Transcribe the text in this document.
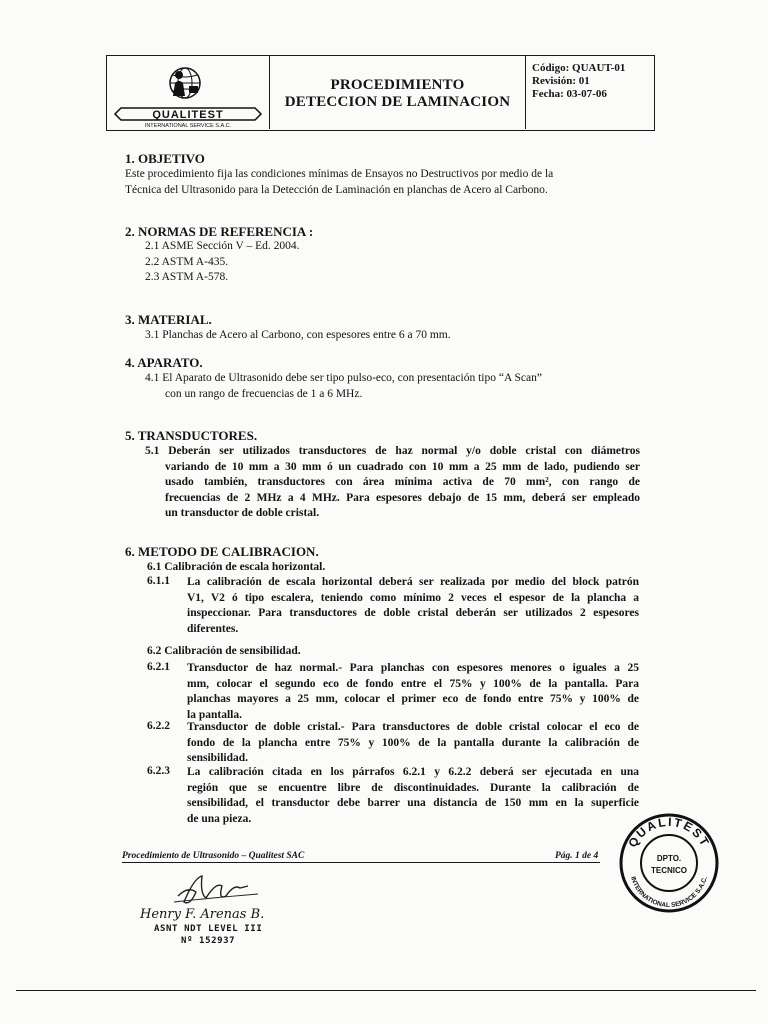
QUALITEST
INTERNATIONAL SERVICE S.A.C.
PROCEDIMIENTO
DETECCION DE LAMINACION
Código: QUAUT-01
Revisión: 01
Fecha: 03-07-06
1. OBJETIVO
Este procedimiento fija las condiciones mínimas de Ensayos no Destructivos por medio de la
Técnica del Ultrasonido para la Detección de Laminación en planchas de Acero al Carbono.
2. NORMAS DE REFERENCIA :
2.1 ASME Sección V – Ed. 2004.
2.2 ASTM A-435.
2.3 ASTM A-578.
3. MATERIAL.
3.1 Planchas de Acero al Carbono, con espesores entre 6 a 70 mm.
4. APARATO.
4.1 El Aparato de Ultrasonido debe ser tipo pulso-eco, con presentación tipo “A Scan”
con un rango de frecuencias de 1 a 6 MHz.
5. TRANSDUCTORES.
5.1 Deberán ser utilizados transductores de haz normal y/o doble cristal con diámetros
variando de 10 mm a 30 mm ó un cuadrado con 10 mm a 25 mm de lado, pudiendo ser
usado también, transductores con área mínima activa de 70 mm², con rango de
frecuencias de 2 MHz a 4 MHz. Para espesores debajo de 15 mm, deberá ser empleado
un transductor de doble cristal.
6. METODO DE CALIBRACION.
6.1 Calibración de escala horizontal.
6.1.1 La calibración de escala horizontal deberá ser realizada por medio del block patrón
V1, V2 ó tipo escalera, teniendo como mínimo 2 veces el espesor de la plancha a
inspeccionar. Para transductores de doble cristal deberán ser utilizados 2 espesores
diferentes.
6.2 Calibración de sensibilidad.
6.2.1 Transductor de haz normal.- Para planchas con espesores menores o iguales a 25
mm, colocar el segundo eco de fondo entre el 75% y 100% de la pantalla. Para
planchas mayores a 25 mm, colocar el primer eco de fondo entre 75% y 100% de
la pantalla.
6.2.2 Transductor de doble cristal.- Para transductores de doble cristal colocar el eco de
fondo de la plancha entre 75% y 100% de la pantalla durante la calibración de
sensibilidad.
6.2.3 La calibración citada en los párrafos 6.2.1 y 6.2.2 deberá ser ejecutada en una
región que se encuentre libre de discontinuidades. Durante la calibración de
sensibilidad, el transductor debe barrer una distancia de 150 mm en la superficie
de una pieza.
QUALITEST
INTERNATIONAL SERVICE S.A.C.
DPTO.
TECNICO
Procedimiento de Ultrasonido – Qualitest SAC	Pág. 1 de 4
Henry F. Arenas B.
ASNT NDT LEVEL III
Nº 152937
